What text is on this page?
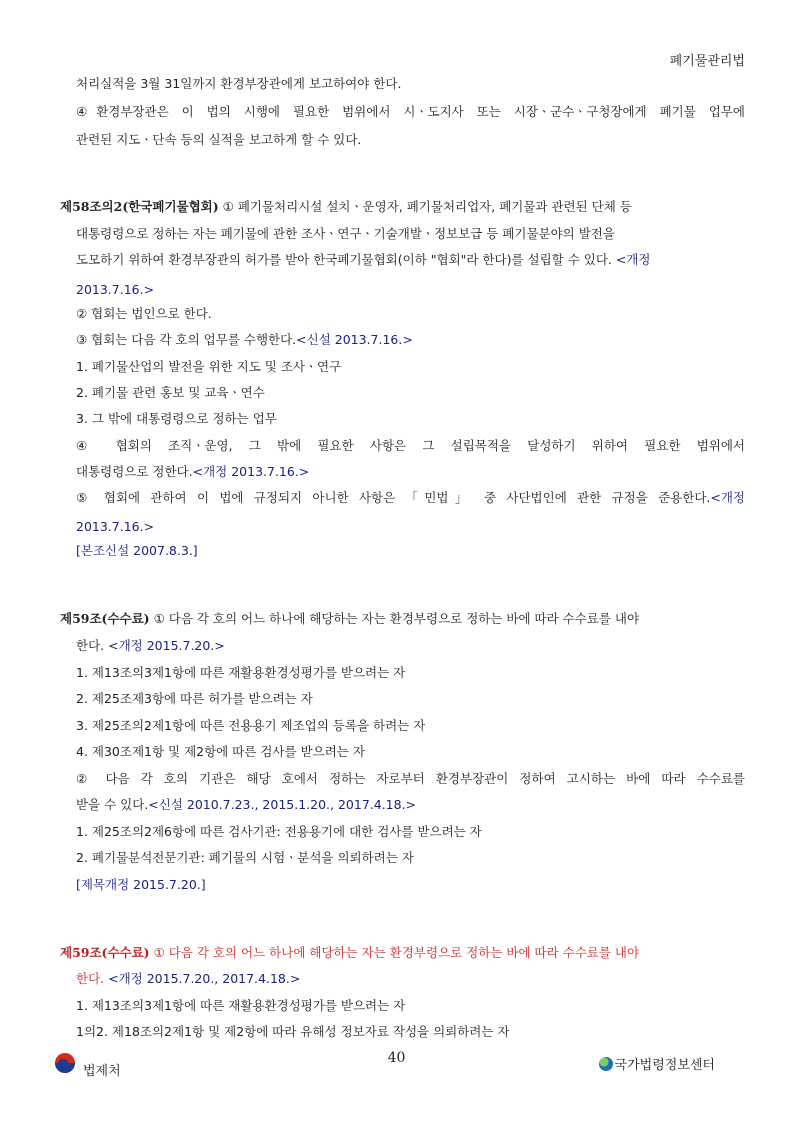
폐기물관리법
처리실적을 3월 31일까지 환경부장관에게 보고하여야 한다.
④환경부장관은 이 법의 시행에 필요한 범위에서 시ㆍ도지사 또는 시장ㆍ군수ㆍ구청장에게 폐기물 업무에
관련된 지도ㆍ단속 등의 실적을 보고하게 할 수 있다.
제58조의2(한국폐기물협회) ① 폐기물처리시설 설치ㆍ운영자, 폐기물처리업자, 폐기물과 관련된 단체 등
대통령령으로 정하는 자는 폐기물에 관한 조사ㆍ연구ㆍ기술개발ㆍ정보보급 등 폐기물분야의 발전을
도모하기 위하여 환경부장관의 허가를 받아 한국폐기물협회(이하 "협회"라 한다)를 설립할 수 있다. <개정
2013.7.16.>
② 협회는 법인으로 한다.
③ 협회는 다음 각 호의 업무를 수행한다.<신설 2013.7.16.>
1. 폐기물산업의 발전을 위한 지도 및 조사ㆍ연구
2. 폐기물 관련 홍보 및 교육ㆍ연수
3. 그 밖에 대통령령으로 정하는 업무
④ 협회의 조직ㆍ운영, 그 밖에 필요한 사항은 그 설립목적을 달성하기 위하여 필요한 범위에서
대통령령으로 정한다.<개정 2013.7.16.>
⑤ 협회에 관하여 이 법에 규정되지 아니한 사항은 「민법」 중 사단법인에 관한 규정을 준용한다.<개정
2013.7.16.>
[본조신설 2007.8.3.]
제59조(수수료) ① 다음 각 호의 어느 하나에 해당하는 자는 환경부령으로 정하는 바에 따라 수수료를 내야
한다. <개정 2015.7.20.>
1. 제13조의3제1항에 따른 재활용환경성평가를 받으려는 자
2. 제25조제3항에 따른 허가를 받으려는 자
3. 제25조의2제1항에 따른 전용용기 제조업의 등록을 하려는 자
4. 제30조제1항 및 제2항에 따른 검사를 받으려는 자
② 다음 각 호의 기관은 해당 호에서 정하는 자로부터 환경부장관이 정하여 고시하는 바에 따라 수수료를
받을 수 있다.<신설 2010.7.23., 2015.1.20., 2017.4.18.>
1. 제25조의2제6항에 따른 검사기관: 전용용기에 대한 검사를 받으려는 자
2. 폐기물분석전문기관: 폐기물의 시험ㆍ분석을 의뢰하려는 자
[제목개정 2015.7.20.]
제59조(수수료) ① 다음 각 호의 어느 하나에 해당하는 자는 환경부령으로 정하는 바에 따라 수수료를 내야
한다. <개정 2015.7.20., 2017.4.18.>
1. 제13조의3제1항에 따른 재활용환경성평가를 받으려는 자
1의2. 제18조의2제1항 및 제2항에 따라 유해성 정보자료 작성을 의뢰하려는 자
법제처
40	국가법령정보센터
